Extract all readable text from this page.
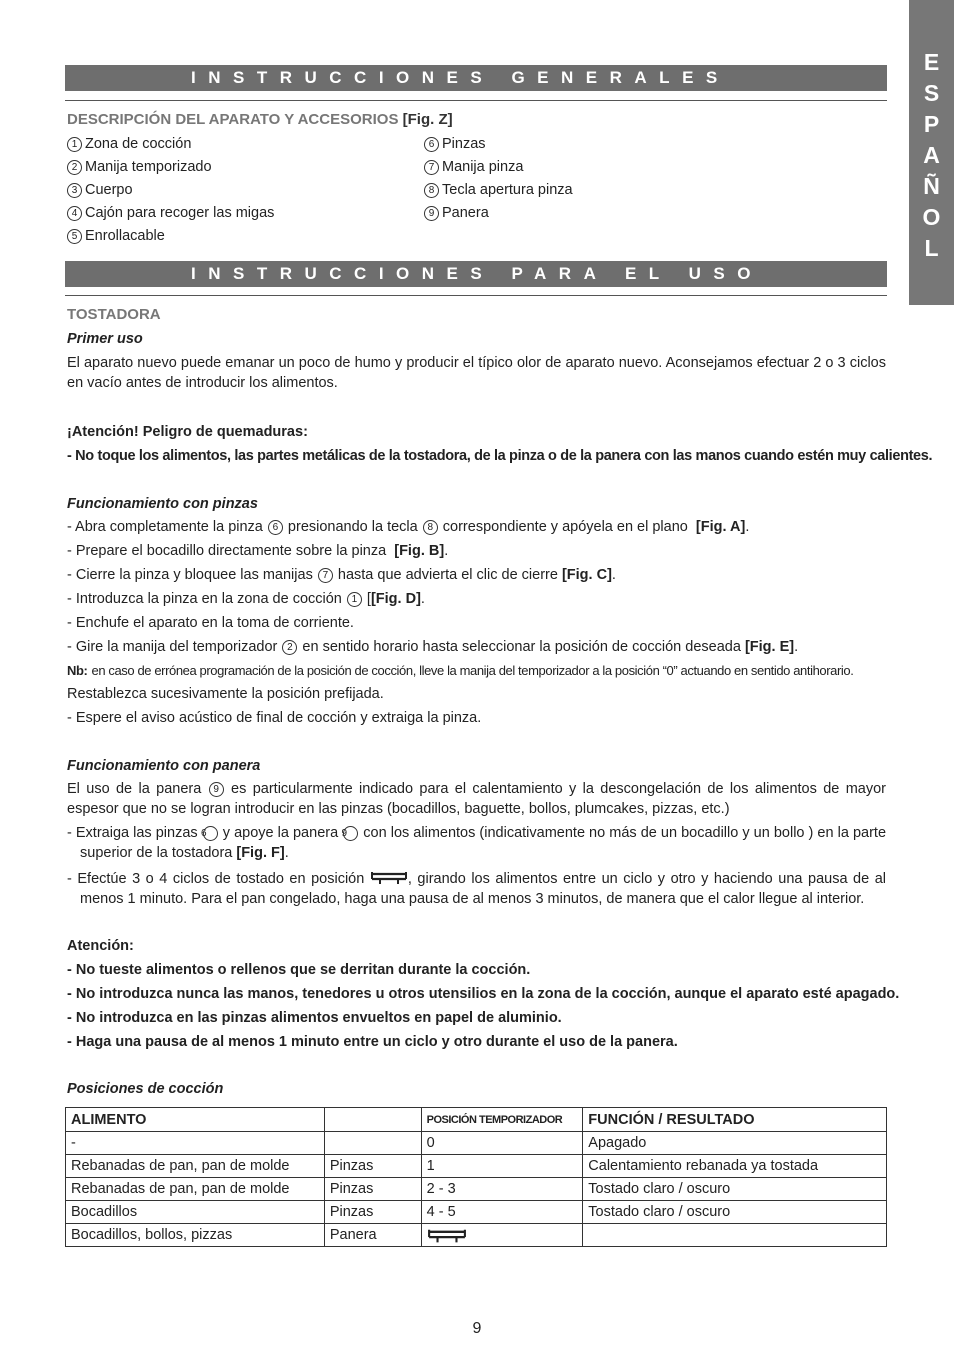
E
S
P
A
Ñ
O
L
INSTRUCCIONES GENERALES
DESCRIPCIÓN DEL APARATO Y ACCESORIOS [Fig. Z]
1 Zona de cocción
2 Manija temporizado
3 Cuerpo
4 Cajón para recoger las migas
5 Enrollacable
6 Pinzas
7 Manija pinza
8 Tecla apertura pinza
9 Panera
INSTRUCCIONES PARA EL USO
TOSTADORA
Primer uso
El aparato nuevo puede emanar un poco de humo y producir el típico olor de aparato nuevo. Aconsejamos efectuar 2 o 3 ciclos en vacío antes de introducir los alimentos.
¡Atención! Peligro de quemaduras:
- No toque los alimentos, las partes metálicas de la tostadora, de la pinza o de la panera con las manos cuando estén muy calientes.
Funcionamiento con pinzas
- Abra completamente la pinza 6 presionando la tecla 8 correspondiente y apóyela en el plano [Fig. A].
- Prepare el bocadillo directamente sobre la pinza [Fig. B].
- Cierre la pinza y bloquee las manijas 7 hasta que advierta el clic de cierre [Fig. C].
- Introduzca la pinza en la zona de cocción 1 [[Fig. D].
- Enchufe el aparato en la toma de corriente.
- Gire la manija del temporizador 2 en sentido horario hasta seleccionar la posición de cocción deseada [Fig. E].
Nb: en caso de errónea programación de la posición de cocción, lleve la manija del temporizador a la posición “0” actuando en sentido antihorario.
Restablezca sucesivamente la posición prefijada.
- Espere el aviso acústico de final de cocción y extraiga la pinza.
Funcionamiento con panera
El uso de la panera 9 es particularmente indicado para el calentamiento y la descongelación de los alimentos de mayor espesor que no se logran introducir en las pinzas (bocadillos, baguette, bollos, plumcakes, pizzas, etc.)
- Extraiga las pinzas 6 y apoye la panera 9 con los alimentos (indicativamente no más de un bocadillo y un bollo ) en la parte superior de la tostadora [Fig. F].
- Efectúe 3 o 4 ciclos de tostado en posición	, girando los alimentos entre un ciclo y otro y haciendo una pausa de al menos 1 minuto. Para el pan congelado, haga una pausa de al menos 3 minutos, de manera que el calor llegue al interior.
Atención:
- No tueste alimentos o rellenos que se derritan durante la cocción.
- No introduzca nunca las manos, tenedores u otros utensilios en la zona de la cocción, aunque el aparato esté apagado.
- No introduzca en las pinzas alimentos envueltos en papel de aluminio.
- Haga una pausa de al menos 1 minuto entre un ciclo y otro durante el uso de la panera.
Posiciones de cocción
ALIMENTO		POSICIÓN TEMPORIZADOR	FUNCIÓN / RESULTADO
-		0	Apagado
Rebanadas de pan, pan de molde	Pinzas	1	Calentamiento rebanada ya tostada
Rebanadas de pan, pan de molde	Pinzas	2 - 3	Tostado claro / oscuro
Bocadillos	Pinzas	4 - 5	Tostado claro / oscuro
Bocadillos, bollos, pizzas	Panera		
9
